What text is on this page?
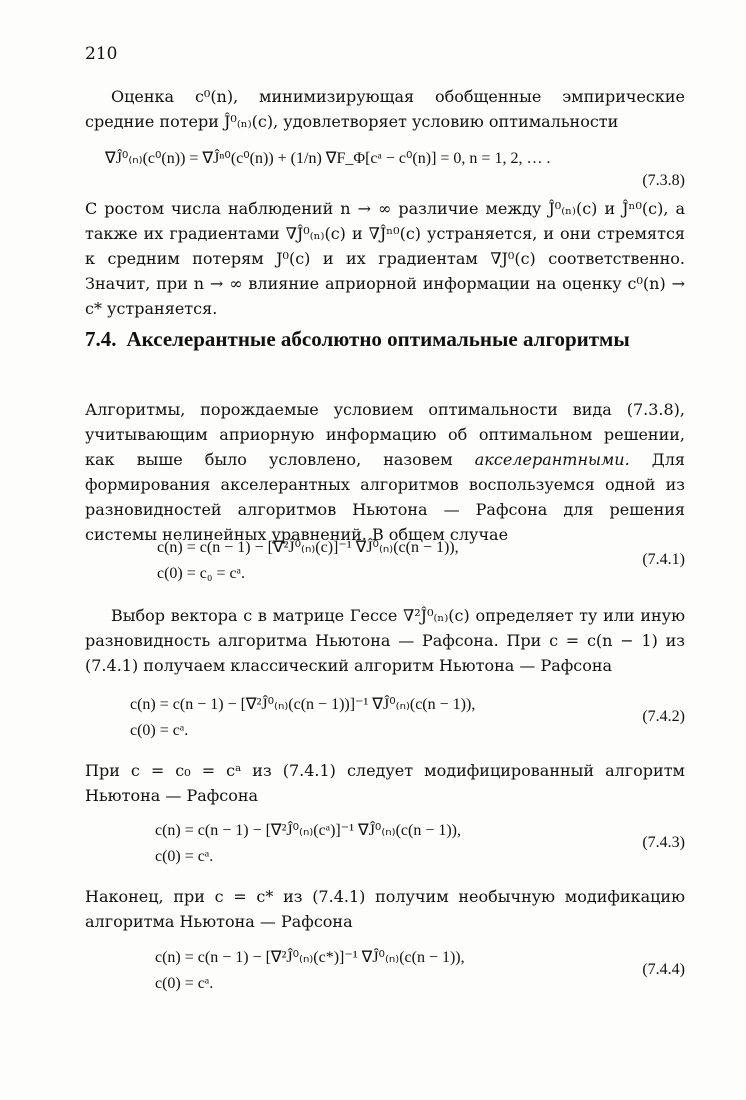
210

Оценка c⁰(n), минимизирующая обобщенные эмпирические средние потери Ĵ⁰₍ₙ₎(c), удовлетворяет условию оптимальности

∇Ĵ⁰₍ₙ₎(c⁰(n)) = ∇Ĵⁿ⁰(c⁰(n)) + (1/n) ∇F_Φ[cᵃ − c⁰(n)] = 0, n = 1, 2, … .
(7.3.8)

С ростом числа наблюдений n → ∞ различие между Ĵ⁰₍ₙ₎(c) и Ĵⁿ⁰(c), а также их градиентами ∇Ĵ⁰₍ₙ₎(c) и ∇Ĵⁿ⁰(c) устраняется, и они стремятся к средним потерям J⁰(c) и их градиентам ∇J⁰(c) соответственно. Значит, при n → ∞ влияние априорной информации на оценку c⁰(n) → c* устраняется.

7.4. Акселерантные абсолютно оптимальные алгоритмы

Алгоритмы, порождаемые условием оптимальности вида (7.3.8), учитывающим априорную информацию об оптимальном решении, как выше было условлено, назовем акселерантными. Для формирования акселерантных алгоритмов воспользуемся одной из разновидностей алгоритмов Ньютона — Рафсона для решения системы нелинейных уравнений. В общем случае

c(n) = c(n − 1) − [∇²Ĵ⁰₍ₙ₎(c)]⁻¹ ∇Ĵ⁰₍ₙ₎(c(n − 1)),
c(0) = c₀ = cᵃ.
(7.4.1)

Выбор вектора c в матрице Гессе ∇²Ĵ⁰₍ₙ₎(c) определяет ту или иную разновидность алгоритма Ньютона — Рафсона. При c = c(n − 1) из (7.4.1) получаем классический алгоритм Ньютона — Рафсона

c(n) = c(n − 1) − [∇²Ĵ⁰₍ₙ₎(c(n − 1))]⁻¹ ∇Ĵ⁰₍ₙ₎(c(n − 1)),
c(0) = cᵃ.
(7.4.2)

При c = c₀ = cᵃ из (7.4.1) следует модифицированный алгоритм Ньютона — Рафсона

c(n) = c(n − 1) − [∇²Ĵ⁰₍ₙ₎(cᵃ)]⁻¹ ∇Ĵ⁰₍ₙ₎(c(n − 1)),
c(0) = cᵃ.
(7.4.3)

Наконец, при c = c* из (7.4.1) получим необычную модификацию алгоритма Ньютона — Рафсона

c(n) = c(n − 1) − [∇²Ĵ⁰₍ₙ₎(c*)]⁻¹ ∇Ĵ⁰₍ₙ₎(c(n − 1)),
c(0) = cᵃ.
(7.4.4)
